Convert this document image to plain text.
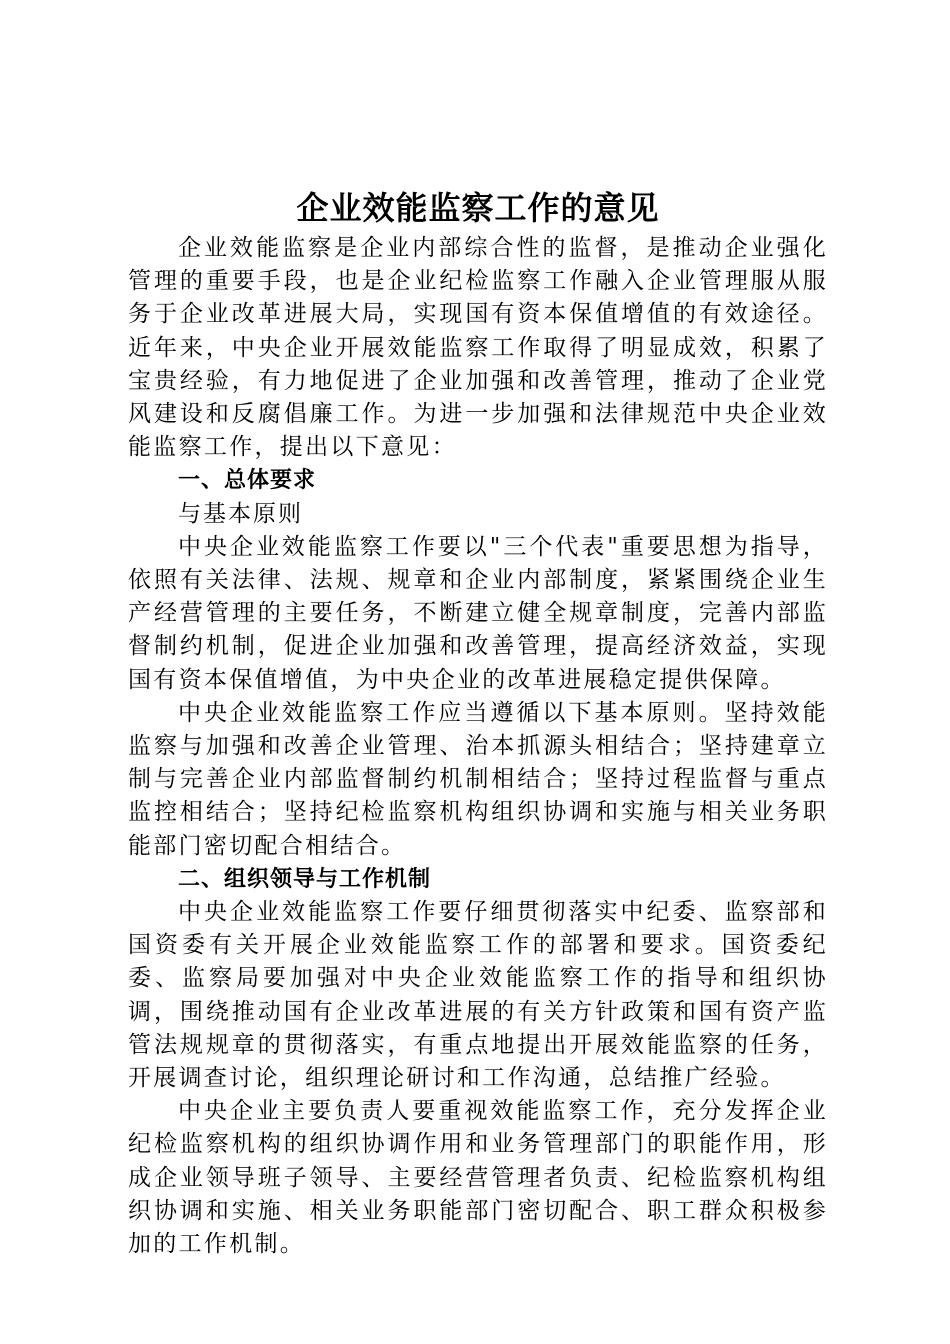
企业效能监察工作的意见

企业效能监察是企业内部综合性的监督，是推动企业强化管理的重要手段，也是企业纪检监察工作融入企业管理服从服务于企业改革进展大局，实现国有资本保值增值的有效途径。近年来，中央企业开展效能监察工作取得了明显成效，积累了宝贵经验，有力地促进了企业加强和改善管理，推动了企业党风建设和反腐倡廉工作。为进一步加强和法律规范中央企业效能监察工作，提出以下意见：

一、总体要求

与基本原则

中央企业效能监察工作要以"三个代表"重要思想为指导，依照有关法律、法规、规章和企业内部制度，紧紧围绕企业生产经营管理的主要任务，不断建立健全规章制度，完善内部监督制约机制，促进企业加强和改善管理，提高经济效益，实现国有资本保值增值，为中央企业的改革进展稳定提供保障。

中央企业效能监察工作应当遵循以下基本原则。坚持效能监察与加强和改善企业管理、治本抓源头相结合；坚持建章立制与完善企业内部监督制约机制相结合；坚持过程监督与重点监控相结合；坚持纪检监察机构组织协调和实施与相关业务职能部门密切配合相结合。

二、组织领导与工作机制

中央企业效能监察工作要仔细贯彻落实中纪委、监察部和国资委有关开展企业效能监察工作的部署和要求。国资委纪委、监察局要加强对中央企业效能监察工作的指导和组织协调，围绕推动国有企业改革进展的有关方针政策和国有资产监管法规规章的贯彻落实，有重点地提出开展效能监察的任务，开展调查讨论，组织理论研讨和工作沟通，总结推广经验。

中央企业主要负责人要重视效能监察工作，充分发挥企业纪检监察机构的组织协调作用和业务管理部门的职能作用，形成企业领导班子领导、主要经营管理者负责、纪检监察机构组织协调和实施、相关业务职能部门密切配合、职工群众积极参加的工作机制。
